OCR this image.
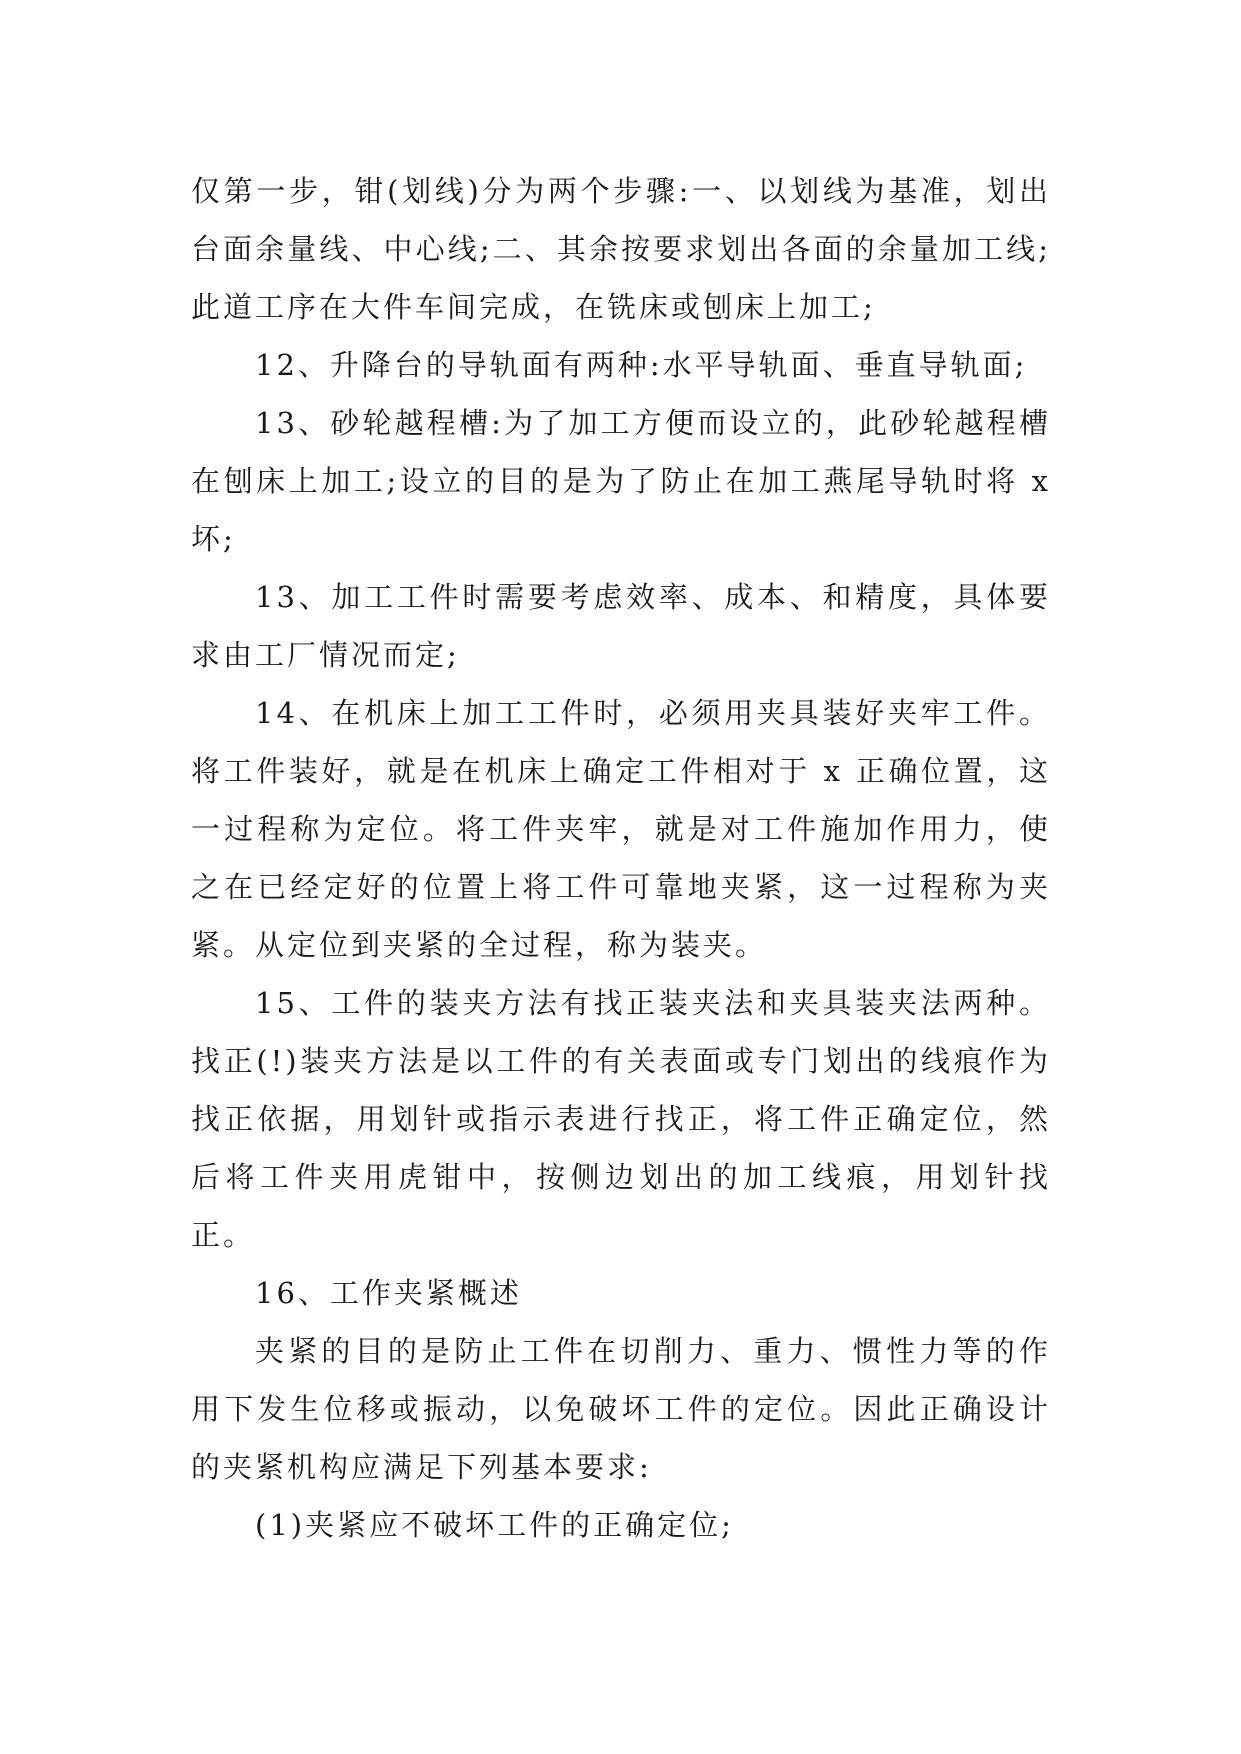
仅第一步，钳(划线)分为两个步骤:一、以划线为基准，划出台面余量线、中心线;二、其余按要求划出各面的余量加工线;此道工序在大件车间完成，在铣床或刨床上加工;

12、升降台的导轨面有两种:水平导轨面、垂直导轨面;

13、砂轮越程槽:为了加工方便而设立的，此砂轮越程槽在刨床上加工;设立的目的是为了防止在加工燕尾导轨时将 x 坏;

13、加工工件时需要考虑效率、成本、和精度，具体要求由工厂情况而定;

14、在机床上加工工件时，必须用夹具装好夹牢工件。将工件装好，就是在机床上确定工件相对于 x 正确位置，这一过程称为定位。将工件夹牢，就是对工件施加作用力，使之在已经定好的位置上将工件可靠地夹紧，这一过程称为夹紧。从定位到夹紧的全过程，称为装夹。

15、工件的装夹方法有找正装夹法和夹具装夹法两种。找正(!)装夹方法是以工件的有关表面或专门划出的线痕作为找正依据，用划针或指示表进行找正，将工件正确定位，然后将工件夹用虎钳中，按侧边划出的加工线痕，用划针找正。

16、工作夹紧概述

夹紧的目的是防止工件在切削力、重力、惯性力等的作用下发生位移或振动，以免破坏工件的定位。因此正确设计的夹紧机构应满足下列基本要求:

(1)夹紧应不破坏工件的正确定位;
